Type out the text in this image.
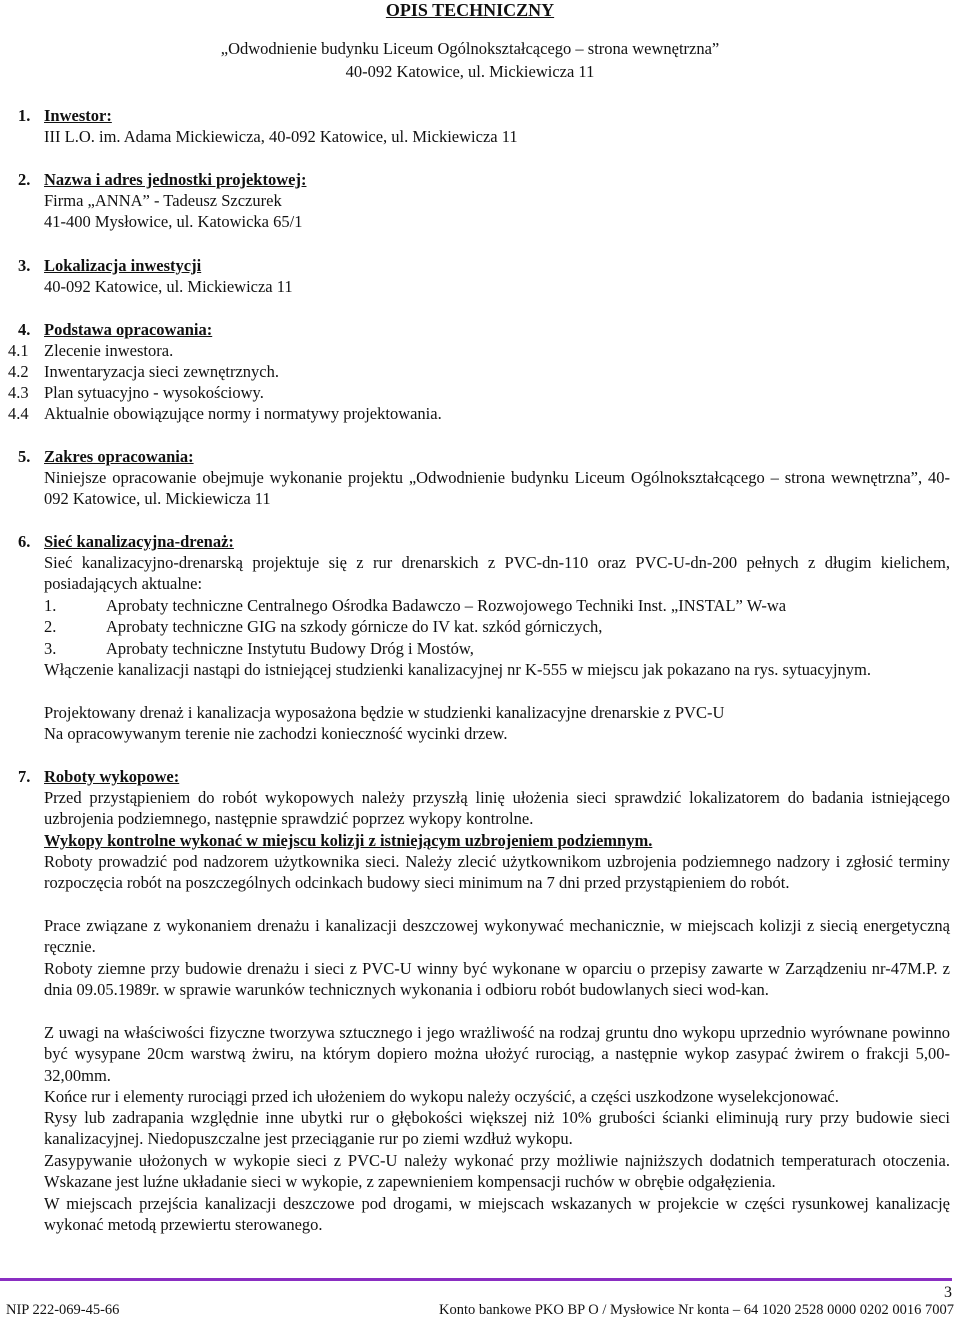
OPIS TECHNICZNY
„Odwodnienie budynku Liceum Ogólnokształcącego – strona wewnętrzna”
40-092 Katowice, ul. Mickiewicza 11
1. Inwestor:
III L.O. im. Adama Mickiewicza, 40-092 Katowice, ul. Mickiewicza 11
2. Nazwa i adres jednostki projektowej:
Firma „ANNA” - Tadeusz Szczurek
41-400 Mysłowice, ul. Katowicka 65/1
3. Lokalizacja inwestycji
40-092 Katowice, ul. Mickiewicza 11
4. Podstawa opracowania:
4.1 Zlecenie inwestora.
4.2 Inwentaryzacja sieci zewnętrznych.
4.3 Plan sytuacyjno - wysokościowy.
4.4 Aktualnie obowiązujące normy i normatywy projektowania.
5. Zakres opracowania:
Niniejsze opracowanie obejmuje wykonanie projektu „Odwodnienie budynku Liceum Ogólnokształcącego – strona wewnętrzna”, 40-092 Katowice, ul. Mickiewicza 11
6. Sieć kanalizacyjna-drenaż:
Sieć kanalizacyjno-drenarską projektuje się z rur drenarskich z PVC-dn-110 oraz PVC-U-dn-200 pełnych z długim kielichem, posiadających aktualne:
1.	Aprobaty techniczne Centralnego Ośrodka Badawczo – Rozwojowego Techniki Inst. „INSTAL” W-wa
2.	Aprobaty techniczne GIG na szkody górnicze do IV kat. szkód górniczych,
3.	Aprobaty techniczne Instytutu Budowy Dróg i Mostów,
Włączenie kanalizacji nastąpi do istniejącej studzienki kanalizacyjnej nr K-555 w miejscu jak pokazano na rys. sytuacyjnym.
Projektowany drenaż i kanalizacja wyposażona będzie w studzienki kanalizacyjne drenarskie z PVC-U
Na opracowywanym terenie nie zachodzi konieczność wycinki drzew.
7. Roboty wykopowe:
Przed przystąpieniem do robót wykopowych należy przyszłą linię ułożenia sieci sprawdzić lokalizatorem do badania istniejącego uzbrojenia podziemnego, następnie sprawdzić poprzez wykopy kontrolne.
Wykopy kontrolne wykonać w miejscu kolizji z istniejącym uzbrojeniem podziemnym.
Roboty prowadzić pod nadzorem użytkownika sieci. Należy zlecić użytkownikom uzbrojenia podziemnego nadzory i zgłosić terminy rozpoczęcia robót na poszczególnych odcinkach budowy sieci minimum na 7 dni przed przystąpieniem do robót.
Prace związane z wykonaniem drenażu i kanalizacji deszczowej wykonywać mechanicznie, w miejscach kolizji z siecią energetyczną ręcznie.
Roboty ziemne przy budowie drenażu i sieci z PVC-U winny być wykonane w oparciu o przepisy zawarte w Zarządzeniu nr-47M.P. z dnia 09.05.1989r. w sprawie warunków technicznych wykonania i odbioru robót budowlanych sieci wod-kan.
Z uwagi na właściwości fizyczne tworzywa sztucznego i jego wrażliwość na rodzaj gruntu dno wykopu uprzednio wyrównane powinno być wysypane 20cm warstwą żwiru, na którym dopiero można ułożyć rurociąg, a następnie wykop zasypać żwirem o frakcji 5,00-32,00mm.
Końce rur i elementy rurociągi przed ich ułożeniem do wykopu należy oczyścić, a części uszkodzone wyselekcjonować.
Rysy lub zadrapania względnie inne ubytki rur o głębokości większej niż 10% grubości ścianki eliminują rury przy budowie sieci kanalizacyjnej. Niedopuszczalne jest przeciąganie rur po ziemi wzdłuż wykopu.
Zasypywanie ułożonych w wykopie sieci z PVC-U należy wykonać przy możliwie najniższych dodatnich temperaturach otoczenia. Wskazane jest luźne układanie sieci w wykopie, z zapewnieniem kompensacji ruchów w obrębie odgałęzienia.
W miejscach przejścia kanalizacji deszczowe pod drogami, w miejscach wskazanych w projekcie w części rysunkowej kanalizację wykonać metodą przewiertu sterowanego.
3
NIP 222-069-45-66	Konto bankowe PKO BP O / Mysłowice Nr konta – 64 1020 2528 0000 0202 0016 7007
